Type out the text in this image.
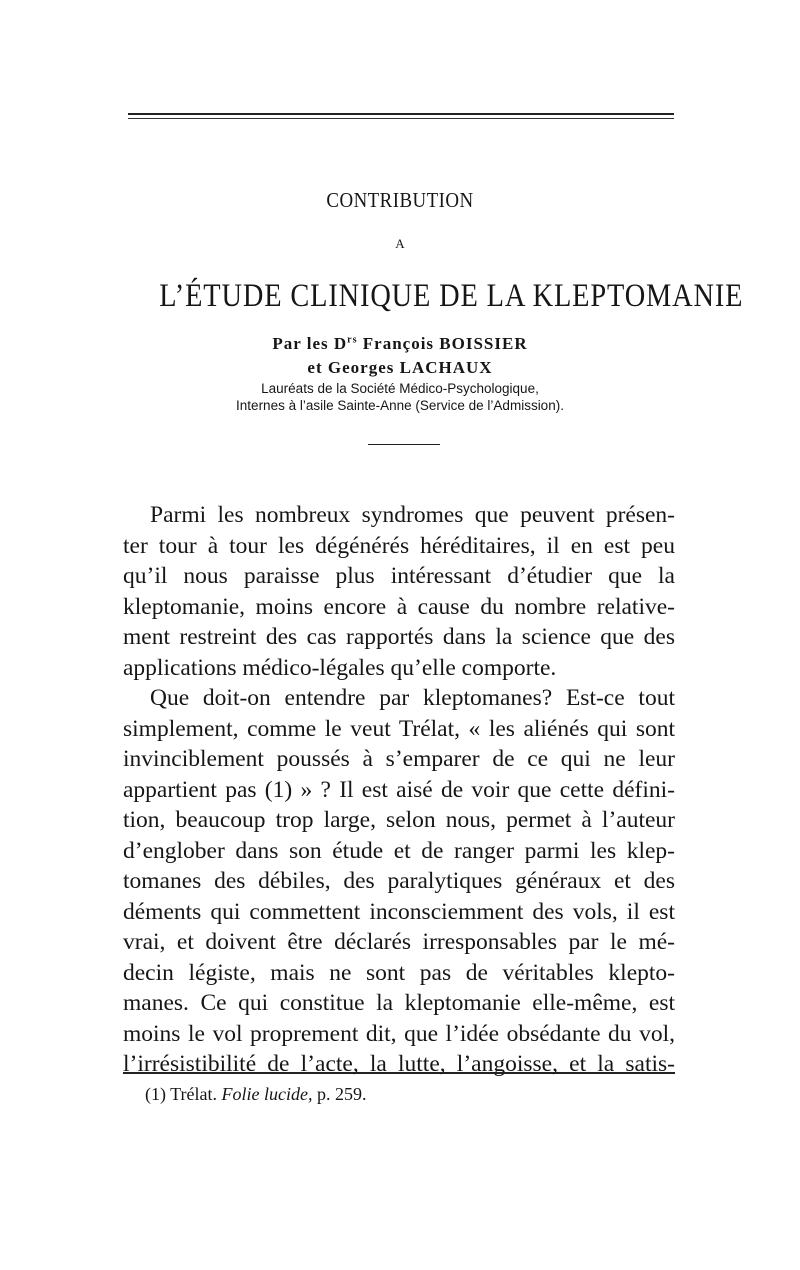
CONTRIBUTION
A
L’ÉTUDE CLINIQUE DE LA KLEPTOMANIE
Par les $D^{rs}$ François BOISSIER
et Georges LACHAUX
Lauréats de la Société Médico-Psychologique,
Internes à l’asile Sainte-Anne (Service de l’Admission).
Parmi les nombreux syndromes que peuvent présen-
ter tour à tour les dégénérés héréditaires, il en est peu
qu’il nous paraisse plus intéressant d’étudier que la
kleptomanie, moins encore à cause du nombre relative-
ment restreint des cas rapportés dans la science que des
applications médico-légales qu’elle comporte.
Que doit-on entendre par kleptomanes? Est-ce tout
simplement, comme le veut Trélat, « les aliénés qui sont
invinciblement poussés à s’emparer de ce qui ne leur
appartient pas (1) » ? Il est aisé de voir que cette défini-
tion, beaucoup trop large, selon nous, permet à l’auteur
d’englober dans son étude et de ranger parmi les klep-
tomanes des débiles, des paralytiques généraux et des
déments qui commettent inconsciemment des vols, il est
vrai, et doivent être déclarés irresponsables par le mé-
decin légiste, mais ne sont pas de véritables klepto-
manes. Ce qui constitue la kleptomanie elle-même, est
moins le vol proprement dit, que l’idée obsédante du vol,
l’irrésistibilité de l’acte, la lutte, l’angoisse, et la satis-
(1) Trélat. Folie lucide, p. 259.
